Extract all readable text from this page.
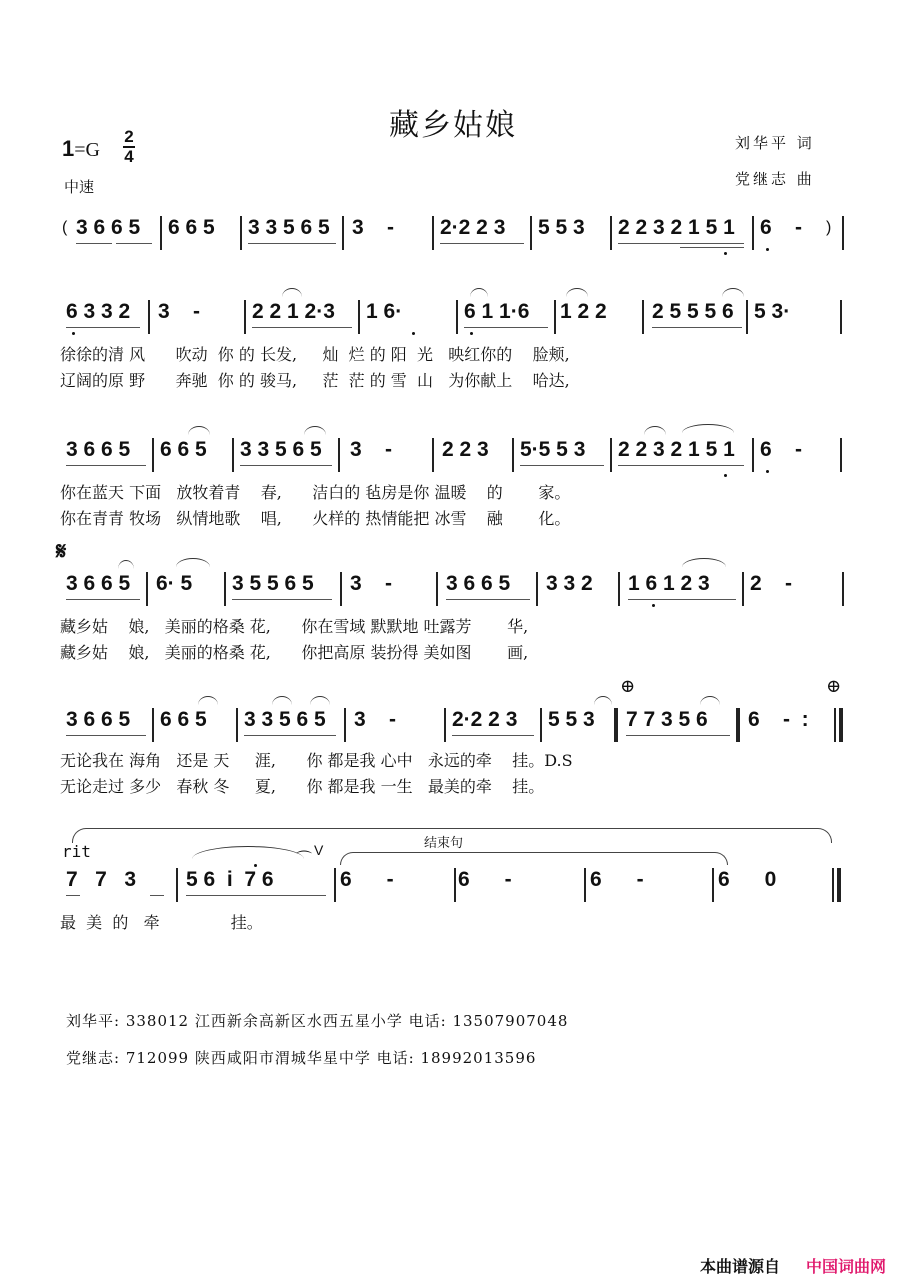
藏乡姑娘
1=G
2
4
中速
刘华平 词
党继志 曲

(

3 6 6 5

6 6 5

3 3 5 6 5

3    -

2·2 2 3

5 5 3

2 2 3 2 1 5 1

6    -

)

6 3 3 2

3    -

2 2 1 2·3

1 6·

	6 1 1·6

1 2 2

2 5 5 5 6

5 3·

徐徐的清 风      吹动  你 的 长发,     灿  烂 的 阳  光   映红你的    脸颊,
辽阔的原 野      奔驰  你 的 骏马,     茫  茫 的 雪  山   为你献上    哈达,

3 6 6 5

6 6 5

3 3 5 6 5

3    -

2 2 3

5·5 5 3

2 2 3 2 1 5 1

6    -

你在蓝天 下面   放牧着青    春,      洁白的 毡房是你 温暖    的       家。
你在青青 牧场   纵情地歌    唱,      火样的 热情能把 冰雪    融       化。
𝄋

3 6 6 5

6· 5

3 5 5 6 5

3    -

	3 6 6 5

3 3 2

1 6 1 2 3

2    -

藏乡姑    娘,   美丽的格桑 花,      你在雪域 默默地 吐露芳       华,
藏乡姑    娘,   美丽的格桑 花,      你把高原 装扮得 美如图       画,
⊕	⊕

3 6 6 5

6 6 5

3 3 5 6 5

3    -

	2·2 2 3

5 5 3

7 7 3 5 6

6    -  :

无论我在 海角   还是 天     涯,      你 都是我 心中   永远的牵    挂。D.S
无论走过 多少   春秋 冬     夏,      你 都是我 一生   最美的牵    挂。
rit	结束句

7   7   3

5 6  i  7 6

	6      -

	6      -

	6      -

	6      0

⌒ V
最  美  的   牵              挂。
刘华平: 338012 江西新余高新区水西五星小学 电话: 13507907048
党继志: 712099 陕西咸阳市渭城华星中学 电话: 18992013596
本曲谱源自 中国词曲网
